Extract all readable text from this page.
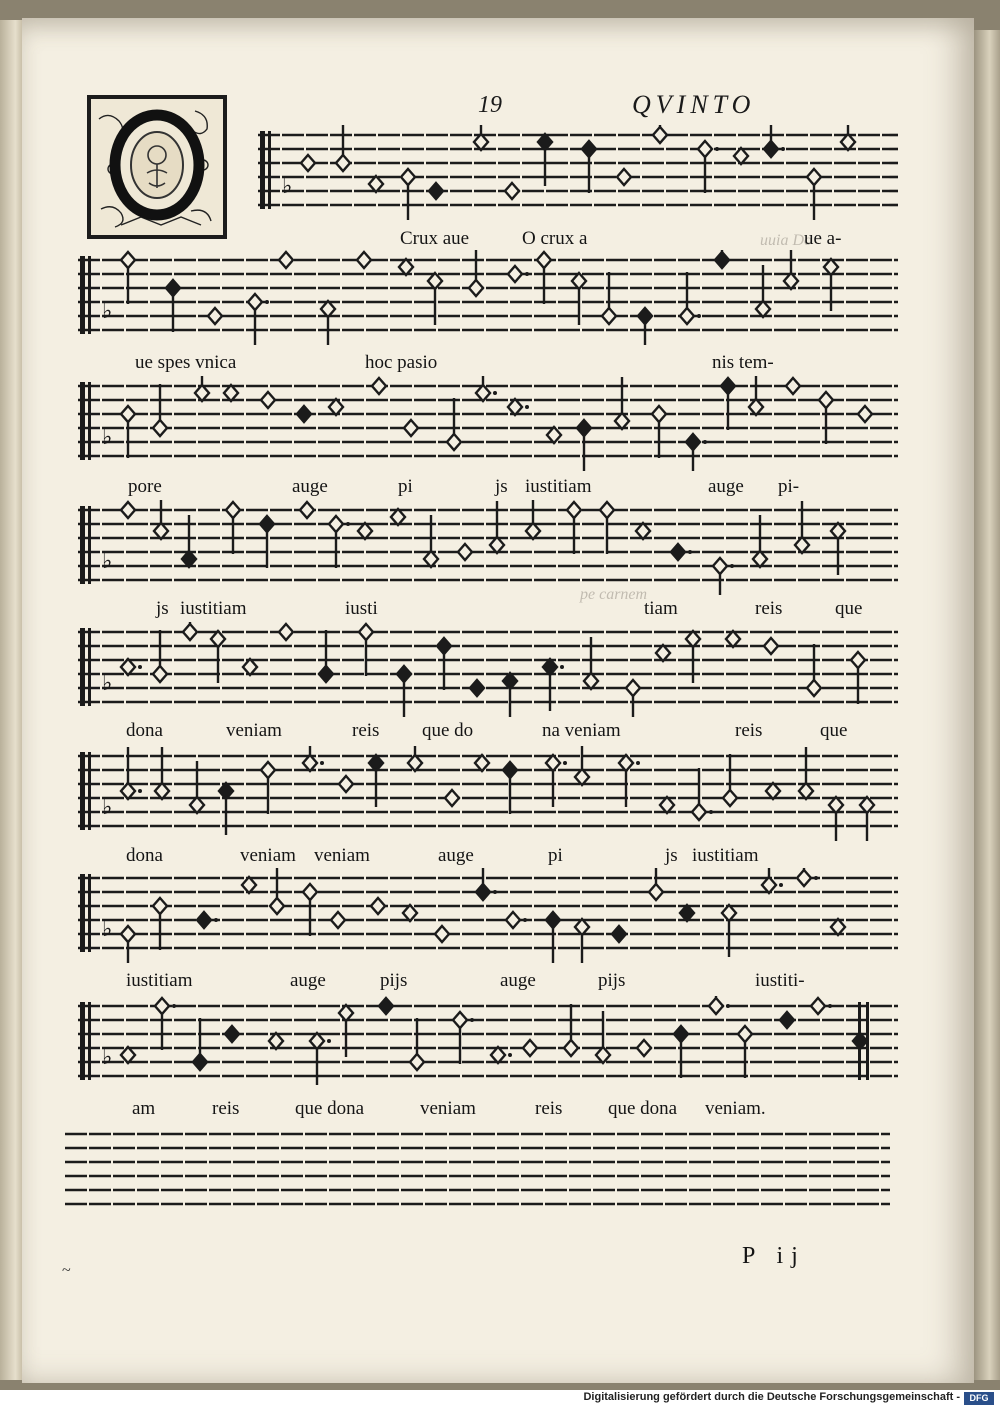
uuia Do
pe carnem
19	QVINTO
♭
♭
♭
♭
♭
♭
♭
♭
Crux aue	O crux a	ue a-
ue spes vnica	hoc pasio	nis tem-
pore	auge	pi	js iustitiam	auge pi-
js iustitiam	iusti	tiam	reis	que
dona	veniam	reis que do	na veniam	reis	que
dona	veniam veniam	auge	pi	js iustitiam
iustitiam	auge	pijs	auge	pijs	iustiti-
am	reis	que dona	veniam	reis que dona veniam.
P ij
~
Digitalisierung gefördert durch die Deutsche Forschungsgemeinschaft -	DFG
